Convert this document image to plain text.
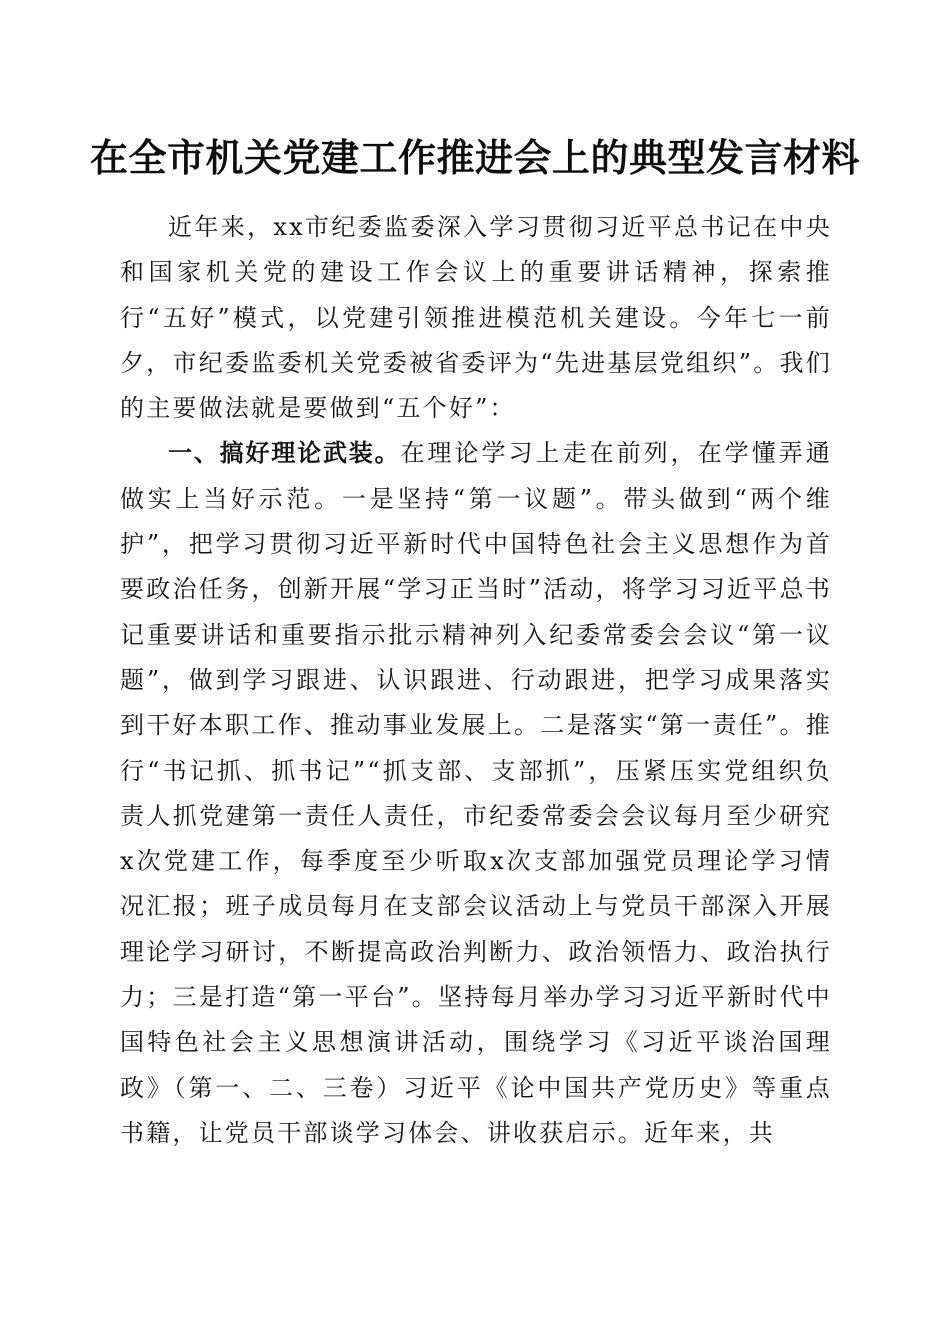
在全市机关党建工作推进会上的典型发言材料

近年来，xx市纪委监委深入学习贯彻习近平总书记在中央和国家机关党的建设工作会议上的重要讲话精神，探索推行“五好”模式，以党建引领推进模范机关建设。今年七一前夕，市纪委监委机关党委被省委评为“先进基层党组织”。我们的主要做法就是要做到“五个好”：

一、搞好理论武装。在理论学习上走在前列，在学懂弄通做实上当好示范。一是坚持“第一议题”。带头做到“两个维护”，把学习贯彻习近平新时代中国特色社会主义思想作为首要政治任务，创新开展“学习正当时”活动，将学习习近平总书记重要讲话和重要指示批示精神列入纪委常委会会议“第一议题”，做到学习跟进、认识跟进、行动跟进，把学习成果落实到干好本职工作、推动事业发展上。二是落实“第一责任”。推行“书记抓、抓书记”“抓支部、支部抓”，压紧压实党组织负责人抓党建第一责任人责任，市纪委常委会会议每月至少研究x次党建工作，每季度至少听取x次支部加强党员理论学习情况汇报；班子成员每月在支部会议活动上与党员干部深入开展理论学习研讨，不断提高政治判断力、政治领悟力、政治执行力；三是打造“第一平台”。坚持每月举办学习习近平新时代中国特色社会主义思想演讲活动，围绕学习《习近平谈治国理政》（第一、二、三卷）习近平《论中国共产党历史》等重点书籍，让党员干部谈学习体会、讲收获启示。近年来，共
